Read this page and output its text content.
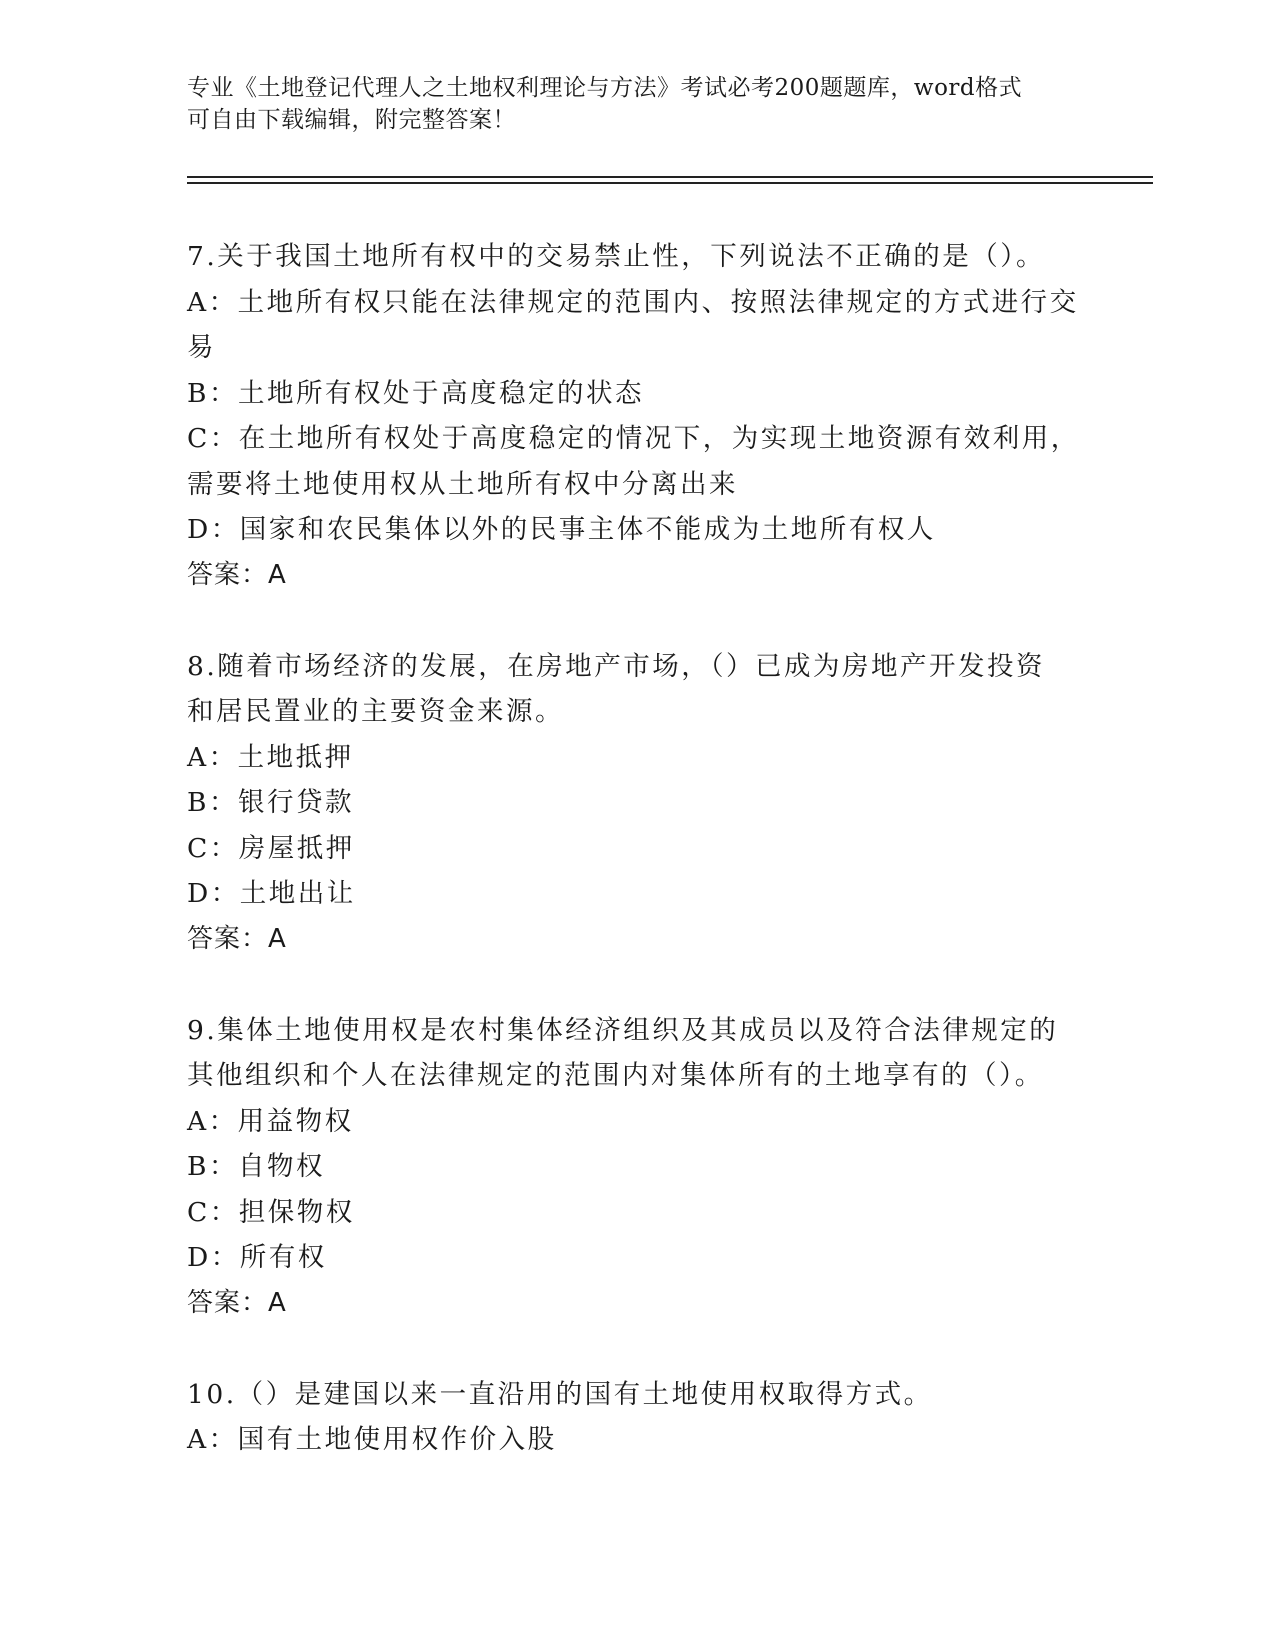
专业《土地登记代理人之土地权利理论与方法》考试必考200题题库，word格式
可自由下载编辑，附完整答案！
7.关于我国土地所有权中的交易禁止性，下列说法不正确的是（）。
A：土地所有权只能在法律规定的范围内、按照法律规定的方式进行交
易
B：土地所有权处于高度稳定的状态
C：在土地所有权处于高度稳定的情况下，为实现土地资源有效利用，
需要将土地使用权从土地所有权中分离出来
D：国家和农民集体以外的民事主体不能成为土地所有权人
答案：A
8.随着市场经济的发展，在房地产市场，（）已成为房地产开发投资
和居民置业的主要资金来源。
A：土地抵押
B：银行贷款
C：房屋抵押
D：土地出让
答案：A
9.集体土地使用权是农村集体经济组织及其成员以及符合法律规定的
其他组织和个人在法律规定的范围内对集体所有的土地享有的（）。
A：用益物权
B：自物权
C：担保物权
D：所有权
答案：A
10.（）是建国以来一直沿用的国有土地使用权取得方式。
A：国有土地使用权作价入股
